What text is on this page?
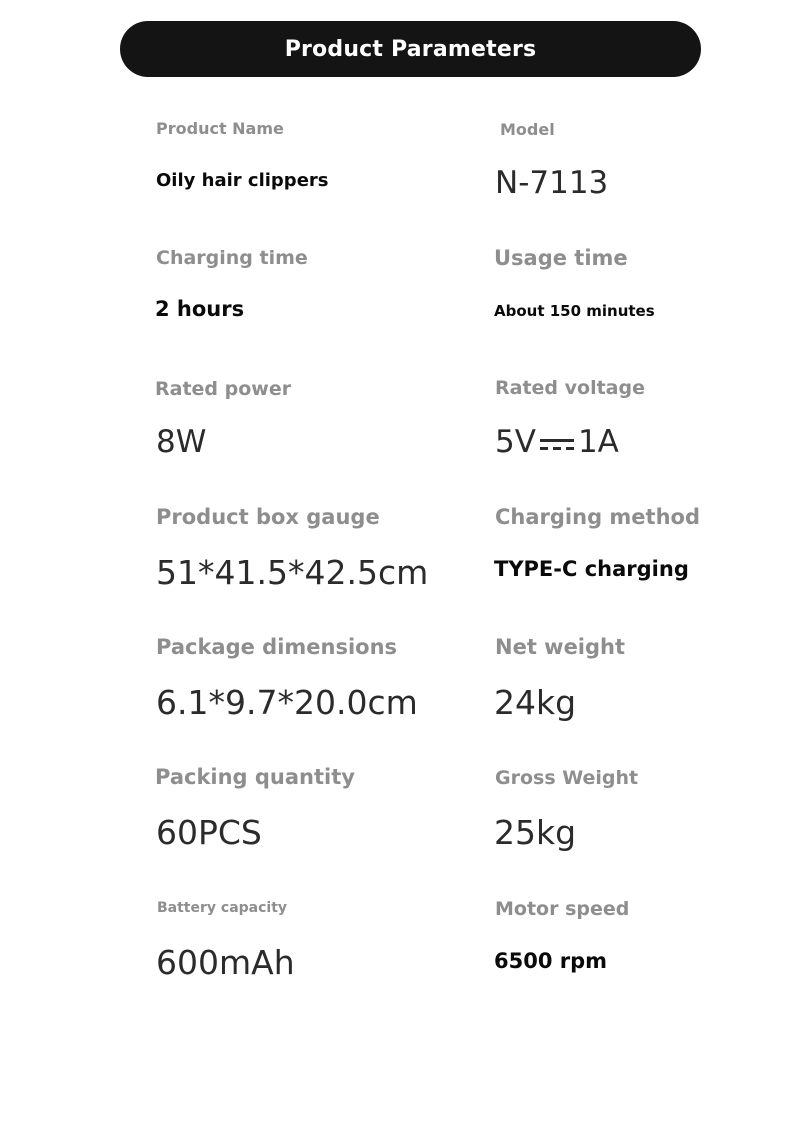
Product Parameters
Product Name
Oily hair clippers
Model
N-7113
Charging time
2 hours
Usage time
About 150 minutes
Rated power
8W
Rated voltage
5V 1A
Product box gauge
51*41.5*42.5cm
Charging method
TYPE-C charging
Package dimensions
6.1*9.7*20.0cm
Net weight
24kg
Packing quantity
60PCS
Gross Weight
25kg
Battery capacity
600mAh
Motor speed
6500 rpm
